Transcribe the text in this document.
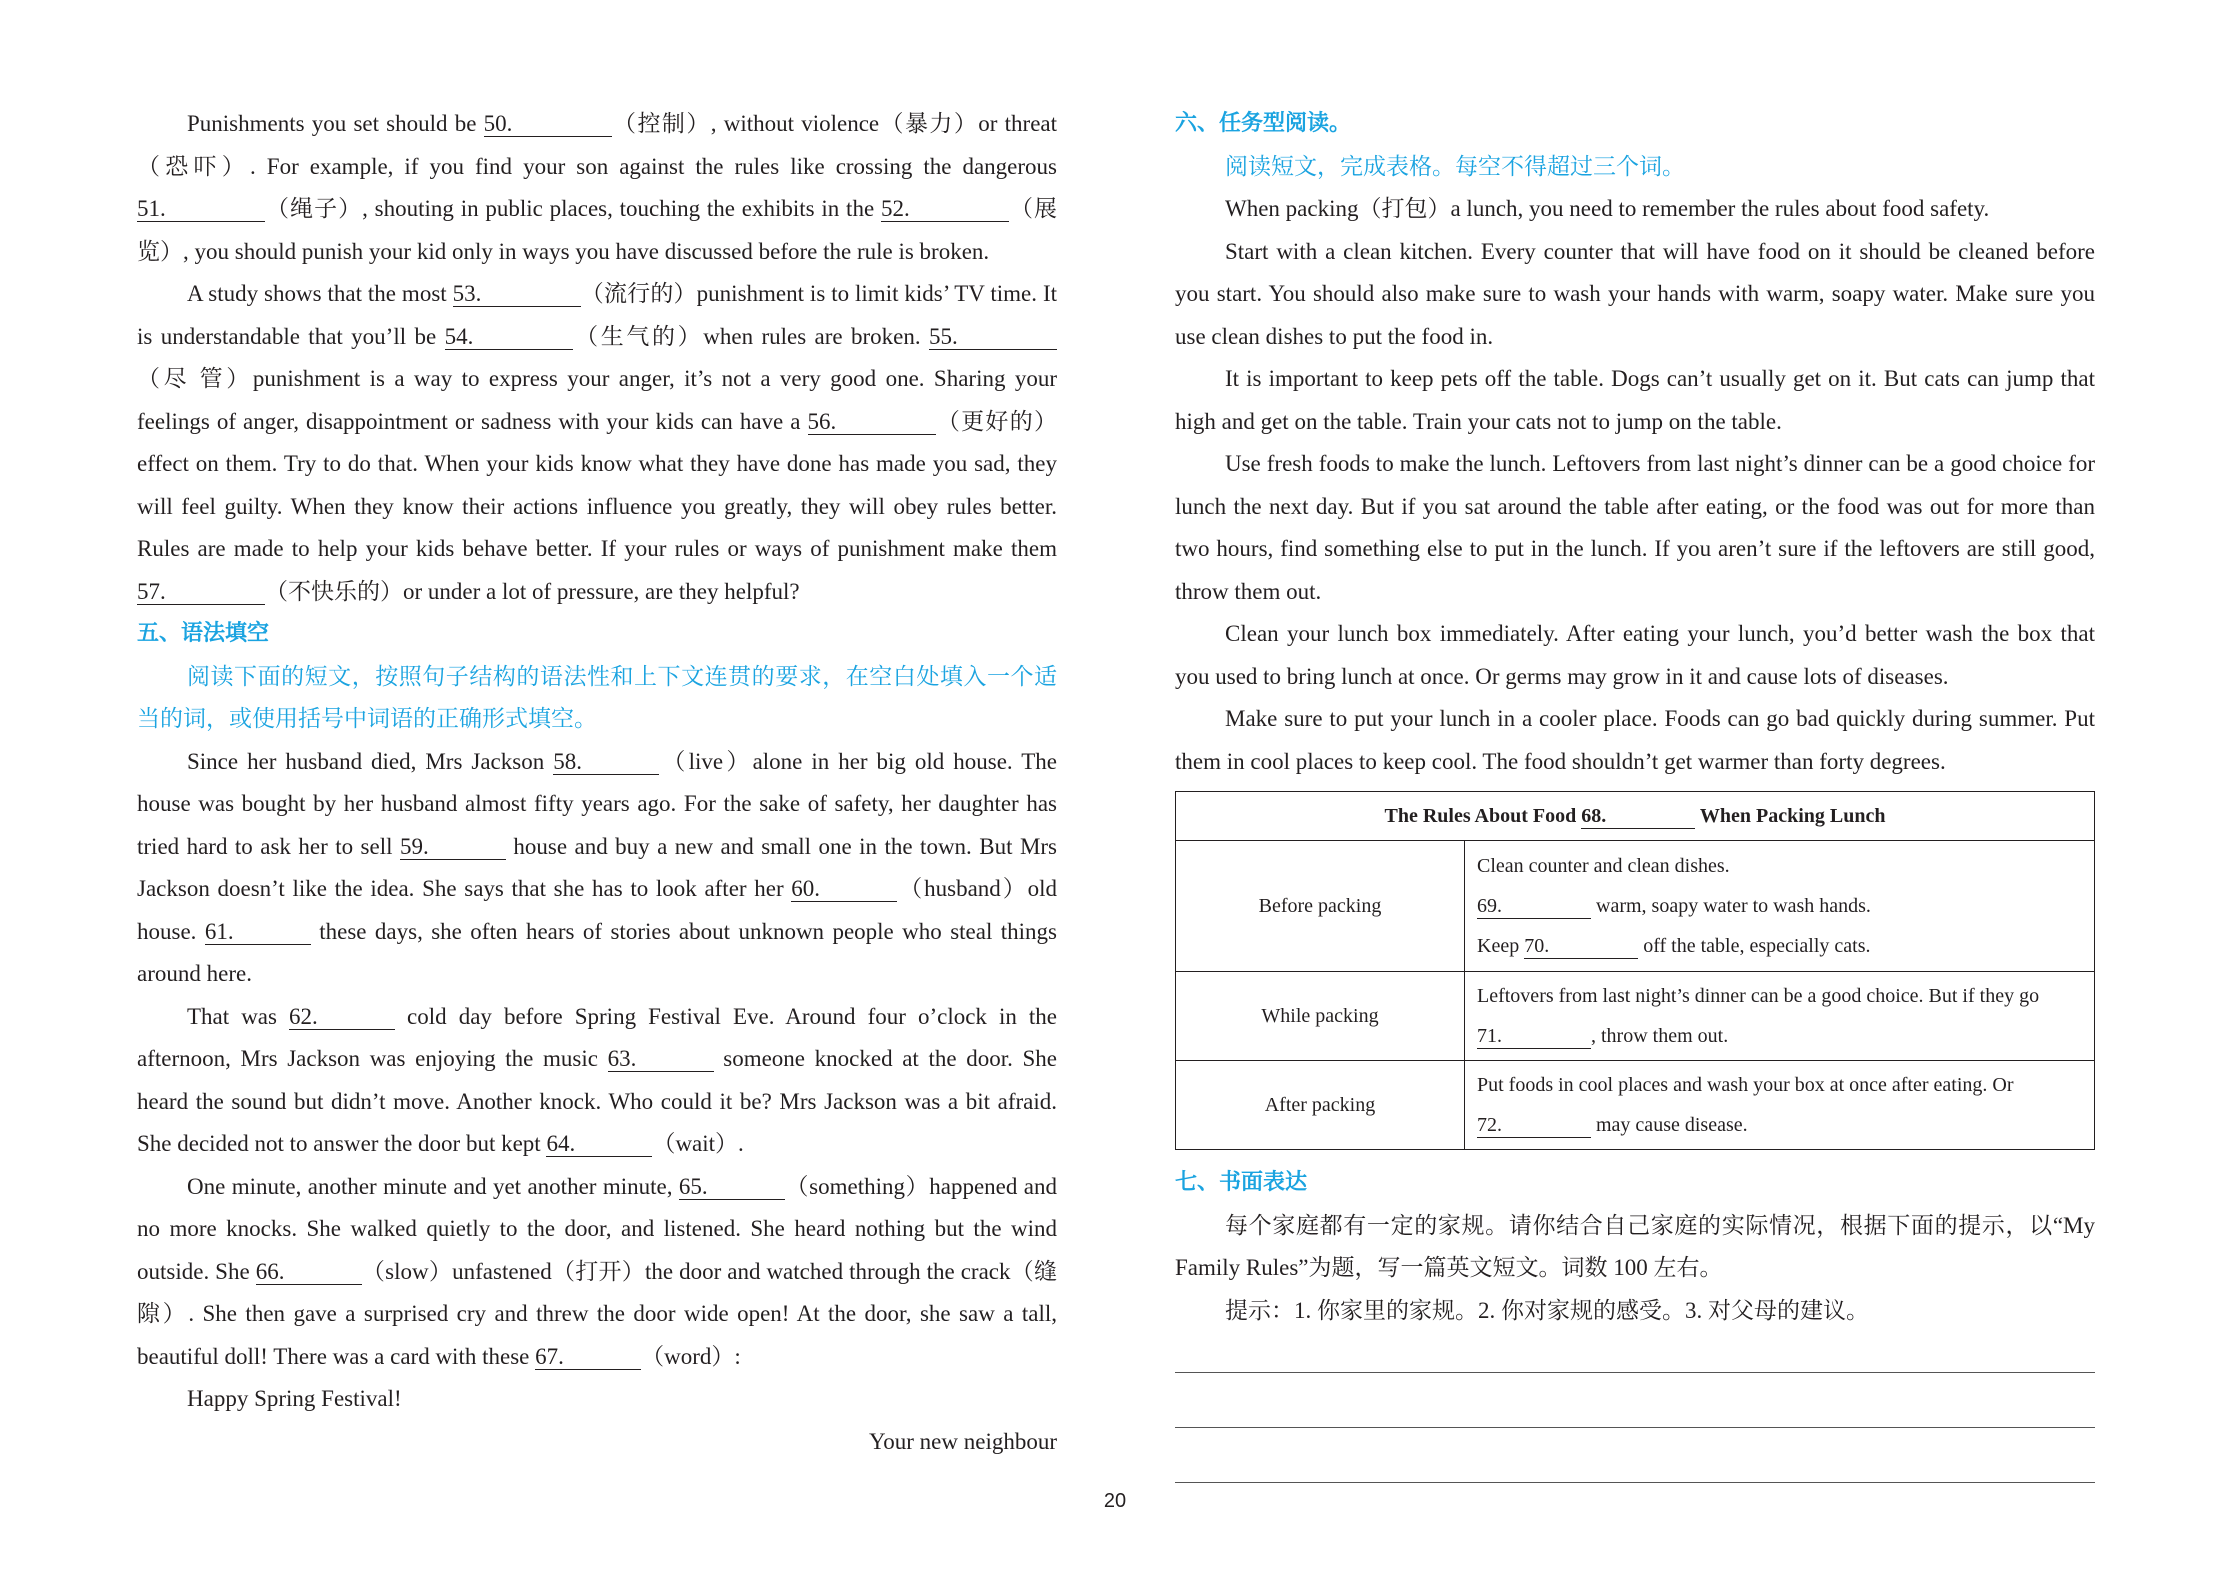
Punishments you set should be 50.	（控制）, without violence（暴力）or threat（恐吓）. For example, if you find your son against the rules like crossing the dangerous 51.	（绳子）, shouting in public places, touching the exhibits in the 52.	（展览）, you should punish your kid only in ways you have discussed before the rule is broken.

A study shows that the most 53.	（流行的）punishment is to limit kids’ TV time. It is understandable that you’ll be 54.	（生气的）when rules are broken. 55.（尽 管）punishment is a way to express your anger, it’s not a very good one. Sharing your feelings of anger, disappointment or sadness with your kids can have a 56.	（更好的）effect on them. Try to do that. When your kids know what they have done has made you sad, they will feel guilty. When they know their actions influence you greatly, they will obey rules better. Rules are made to help your kids behave better. If your rules or ways of punishment make them 57.	（不快乐的）or under a lot of pressure, are they helpful?

五、语法填空

阅读下面的短文，按照句子结构的语法性和上下文连贯的要求，在空白处填入一个适当的词，或使用括号中词语的正确形式填空。

Since her husband died, Mrs Jackson 58.	（live）alone in her big old house. The house was bought by her husband almost fifty years ago. For the sake of safety, her daughter has tried hard to ask her to sell 59.	house and buy a new and small one in the town. But Mrs Jackson doesn’t like the idea. She says that she has to look after her 60.	（husband）old house. 61.	these days, she often hears of stories about unknown people who steal things around here.

That was 62.	cold day before Spring Festival Eve. Around four o’clock in the afternoon, Mrs Jackson was enjoying the music 63.	someone knocked at the door. She heard the sound but didn’t move. Another knock. Who could it be? Mrs Jackson was a bit afraid. She decided not to answer the door but kept 64.	（wait）.

One minute, another minute and yet another minute, 65.	（something）happened and no more knocks. She walked quietly to the door, and listened. She heard nothing but the wind outside. She 66.	（slow）unfastened（打开）the door and watched through the crack（缝隙）. She then gave a surprised cry and threw the door wide open! At the door, she saw a tall, beautiful doll! There was a card with these 67.	（word）:

Happy Spring Festival!

Your new neighbour

六、任务型阅读。

阅读短文，完成表格。每空不得超过三个词。

When packing（打包）a lunch, you need to remember the rules about food safety.

Start with a clean kitchen. Every counter that will have food on it should be cleaned before you start. You should also make sure to wash your hands with warm, soapy water. Make sure you use clean dishes to put the food in.

It is important to keep pets off the table. Dogs can’t usually get on it. But cats can jump that high and get on the table. Train your cats not to jump on the table.

Use fresh foods to make the lunch. Leftovers from last night’s dinner can be a good choice for lunch the next day. But if you sat around the table after eating, or the food was out for more than two hours, find something else to put in the lunch. If you aren’t sure if the leftovers are still good, throw them out.

Clean your lunch box immediately. After eating your lunch, you’d better wash the box that you used to bring lunch at once. Or germs may grow in it and cause lots of diseases.

Make sure to put your lunch in a cooler place. Foods can go bad quickly during summer. Put them in cool places to keep cool. The food shouldn’t get warmer than forty degrees.

The Rules About Food 68. When Packing Lunch	
Before packing	Clean counter and clean dishes.
69. warm, soapy water to wash hands.
Keep 70. off the table, especially cats.

While packing	Leftovers from last night’s dinner can be a good choice. But if they go 71. , throw them out.

After packing	Put foods in cool places and wash your box at once after eating. Or 72. may cause disease.
七、书面表达

每个家庭都有一定的家规。请你结合自己家庭的实际情况，根据下面的提示，以“My Family Rules”为题，写一篇英文短文。词数 100 左右。

提示：1. 你家里的家规。2. 你对家规的感受。3. 对父母的建议。

20
